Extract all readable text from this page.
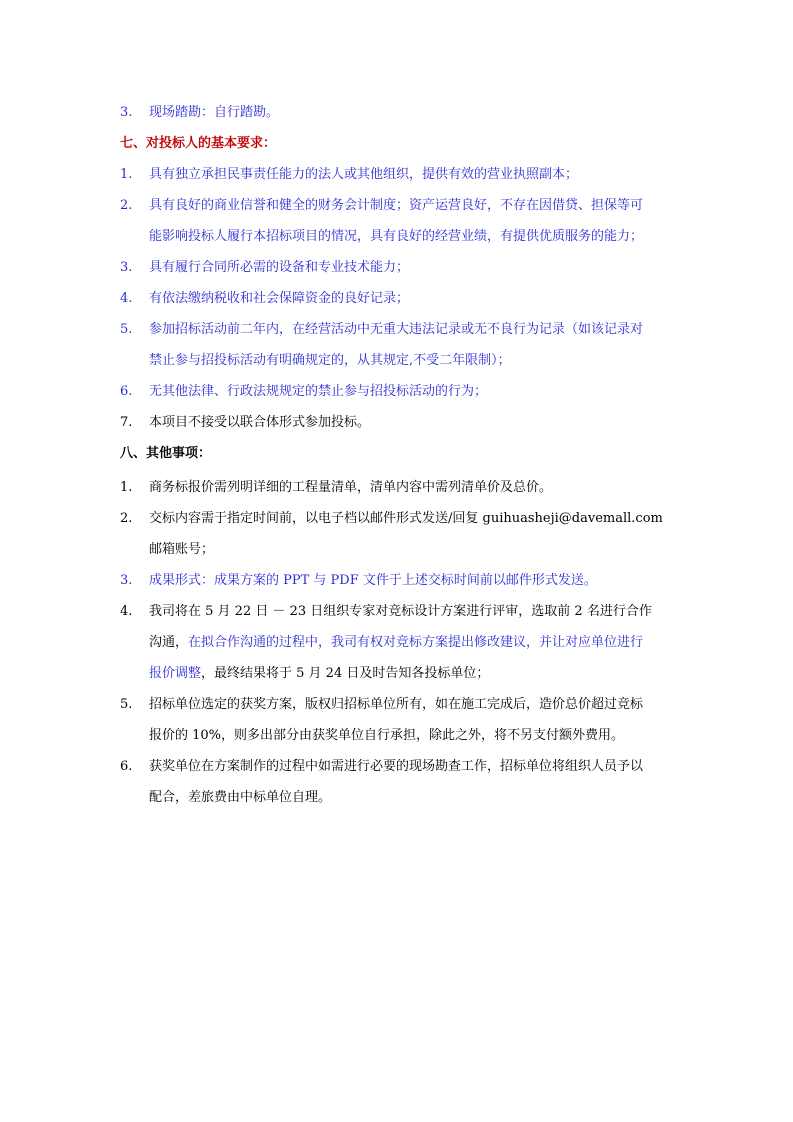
3.	现场踏勘：自行踏勘。
七、对投标人的基本要求：
1.	具有独立承担民事责任能力的法人或其他组织，提供有效的营业执照副本；
2.	具有良好的商业信誉和健全的财务会计制度；资产运营良好，不存在因借贷、担保等可
能影响投标人履行本招标项目的情况，具有良好的经营业绩，有提供优质服务的能力；
3.	具有履行合同所必需的设备和专业技术能力；
4.	有依法缴纳税收和社会保障资金的良好记录；
5.	参加招标活动前二年内，在经营活动中无重大违法记录或无不良行为记录（如该记录对
禁止参与招投标活动有明确规定的，从其规定,不受二年限制）；
6.	无其他法律、行政法规规定的禁止参与招投标活动的行为；
7.	本项目不接受以联合体形式参加投标。
八、其他事项：
1.	商务标报价需列明详细的工程量清单，清单内容中需列清单价及总价。
2.	交标内容需于指定时间前，以电子档以邮件形式发送/回复 guihuasheji@davemall.com
邮箱账号；
3.	成果形式：成果方案的 PPT 与 PDF 文件于上述交标时间前以邮件形式发送。
4.	我司将在 5 月 22 日 － 23 日组织专家对竞标设计方案进行评审，选取前 2 名进行合作
沟通，在拟合作沟通的过程中，我司有权对竞标方案提出修改建议，并让对应单位进行
报价调整，最终结果将于 5 月 24 日及时告知各投标单位；
5.	招标单位选定的获奖方案，版权归招标单位所有，如在施工完成后，造价总价超过竞标
报价的 10%，则多出部分由获奖单位自行承担，除此之外，将不另支付额外费用。
6.	获奖单位在方案制作的过程中如需进行必要的现场勘查工作，招标单位将组织人员予以
配合，差旅费由中标单位自理。
